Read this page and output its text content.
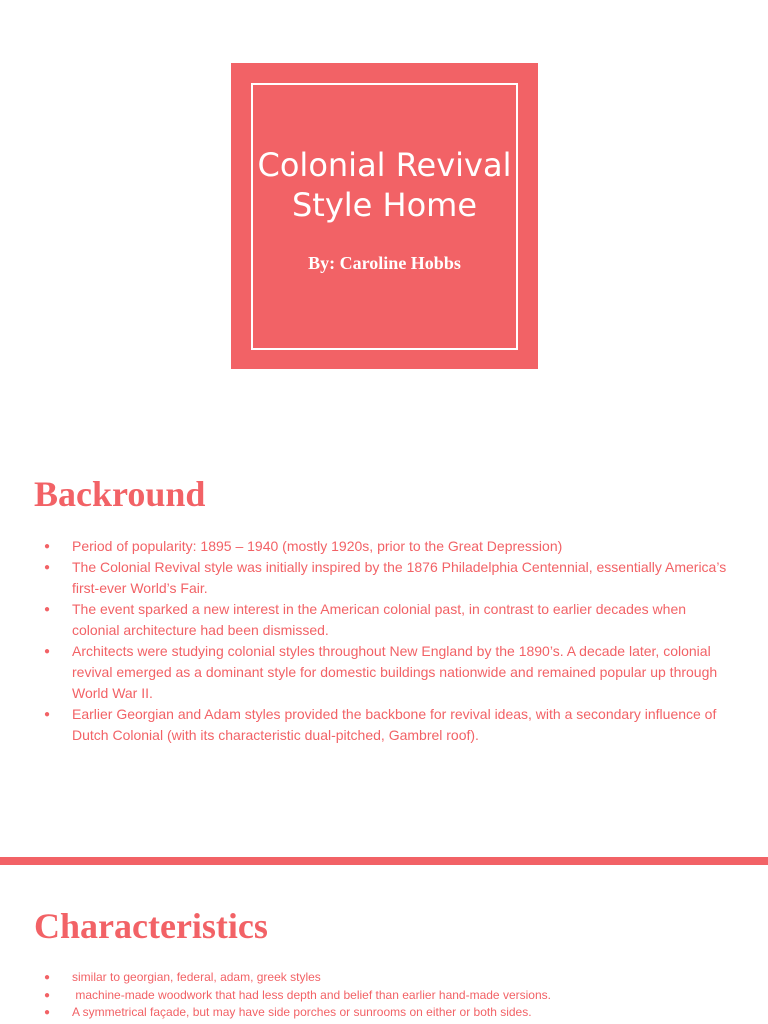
Colonial Revival Style Home
By: Caroline Hobbs
Backround
● Period of popularity: 1895 – 1940 (mostly 1920s, prior to the Great Depression)
● The Colonial Revival style was initially inspired by the 1876 Philadelphia Centennial, essentially America’s first-ever World’s Fair.
● The event sparked a new interest in the American colonial past, in contrast to earlier decades when colonial architecture had been dismissed.
● Architects were studying colonial styles throughout New England by the 1890’s. A decade later, colonial revival emerged as a dominant style for domestic buildings nationwide and remained popular up through World War II.
● Earlier Georgian and Adam styles provided the backbone for revival ideas, with a secondary influence of Dutch Colonial (with its characteristic dual-pitched, Gambrel roof).
Characteristics
● similar to georgian, federal, adam, greek styles
● machine-made woodwork that had less depth and belief than earlier hand-made versions.
● A symmetrical façade, but may have side porches or sunrooms on either or both sides.
